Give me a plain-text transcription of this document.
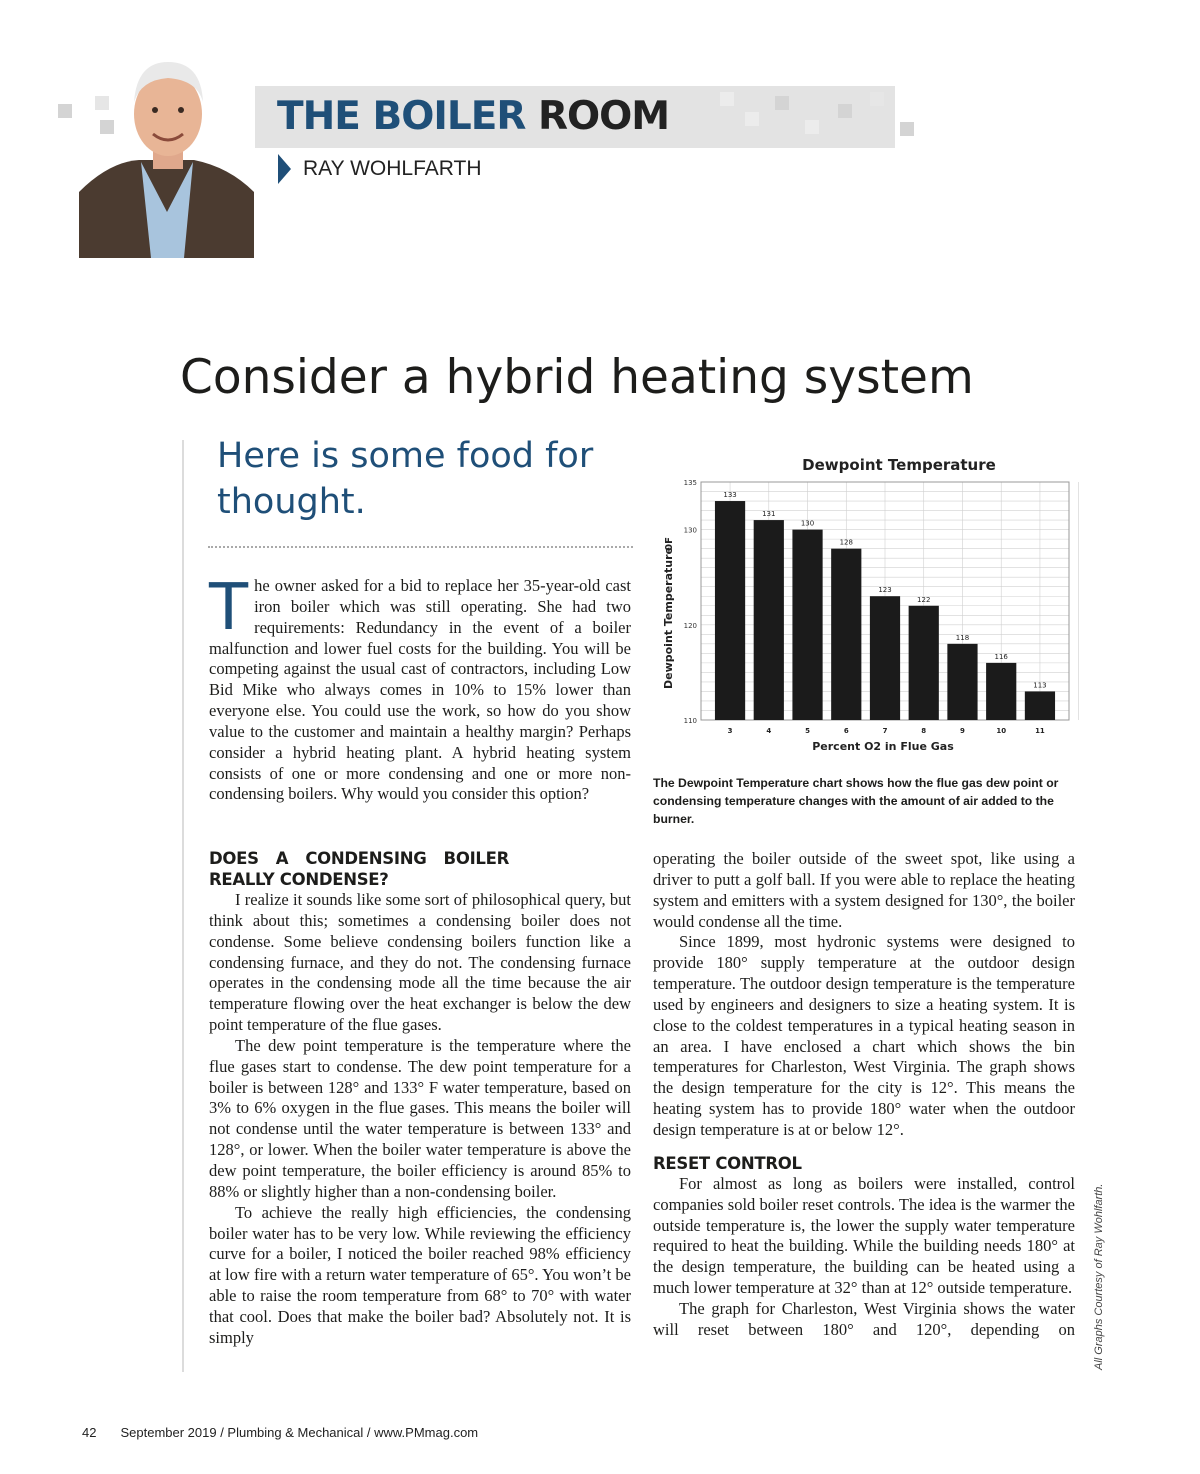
THE BOILER ROOM
RAY WOHLFARTH
Consider a hybrid heating system
Here is some food for thought.
T he owner asked for a bid to replace her 35-year-old cast iron boiler which was still operating. She had two requirements: Redundancy in the event of a boiler malfunction and lower fuel costs for the building. You will be competing against the usual cast of contractors, including Low Bid Mike who always comes in 10% to 15% lower than everyone else. You could use the work, so how do you show value to the customer and maintain a healthy margin? Perhaps consider a hybrid heating plant. A hybrid heating system consists of one or more condensing and one or more non-condensing boilers. Why would you consider this option?

DOES A CONDENSING BOILER REALLY CONDENSE?

I realize it sounds like some sort of philosophical query, but think about this; sometimes a condensing boiler does not condense. Some believe condensing boilers function like a condensing furnace, and they do not. The condensing furnace operates in the condensing mode all the time because the air temperature flowing over the heat exchanger is below the dew point temperature of the flue gases.

The dew point temperature is the temperature where the flue gases start to condense. The dew point temperature for a boiler is between 128° and 133° F water temperature, based on 3% to 6% oxygen in the flue gases. This means the boiler will not condense until the water temperature is between 133° and 128°, or lower. When the boiler water temperature is above the dew point temperature, the boiler efficiency is around 85% to 88% or slightly higher than a non-condensing boiler.

To achieve the really high efficiencies, the condensing boiler water has to be very low. While reviewing the efficiency curve for a boiler, I noticed the boiler reached 98% efficiency at low fire with a return water temperature of 65°. You won’t be able to raise the room temperature from 68° to 70° with water that cool. Does that make the boiler bad? Absolutely not. It is simply

Dewpoint Temperature
133
131
130
128
123
122
118
116
113
110
120
130
135
3	4	5	6	7	8	9	10	11
Percent O2 in Flue Gas
Dewpoint Temperature
0F
The Dewpoint Temperature chart shows how the flue gas dew point or condensing temperature changes with the amount of air added to the burner.

operating the boiler outside of the sweet spot, like using a driver to putt a golf ball. If you were able to replace the heating system and emitters with a system designed for 130°, the boiler would condense all the time.

Since 1899, most hydronic systems were designed to provide 180° supply temperature at the outdoor design temperature. The outdoor design temperature is the temperature used by engineers and designers to size a heating system. It is close to the coldest temperatures in a typical heating season in an area. I have enclosed a chart which shows the bin temperatures for Charleston, West Virginia. The graph shows the design temperature for the city is 12°. This means the heating system has to provide 180° water when the outdoor design temperature is at or below 12°.

RESET CONTROL

For almost as long as boilers were installed, control companies sold boiler reset controls. The idea is the warmer the outside temperature is, the lower the supply water temperature required to heat the building. While the building needs 180° at the design temperature, the building can be heated using a much lower temperature at 32° than at 12° outside temperature.

The graph for Charleston, West Virginia shows the water will reset between 180° and 120°, depending on All Graphs Courtesy of Ray Wohlfarth.
42 September 2019 / Plumbing & Mechanical / www.PMmag.com
